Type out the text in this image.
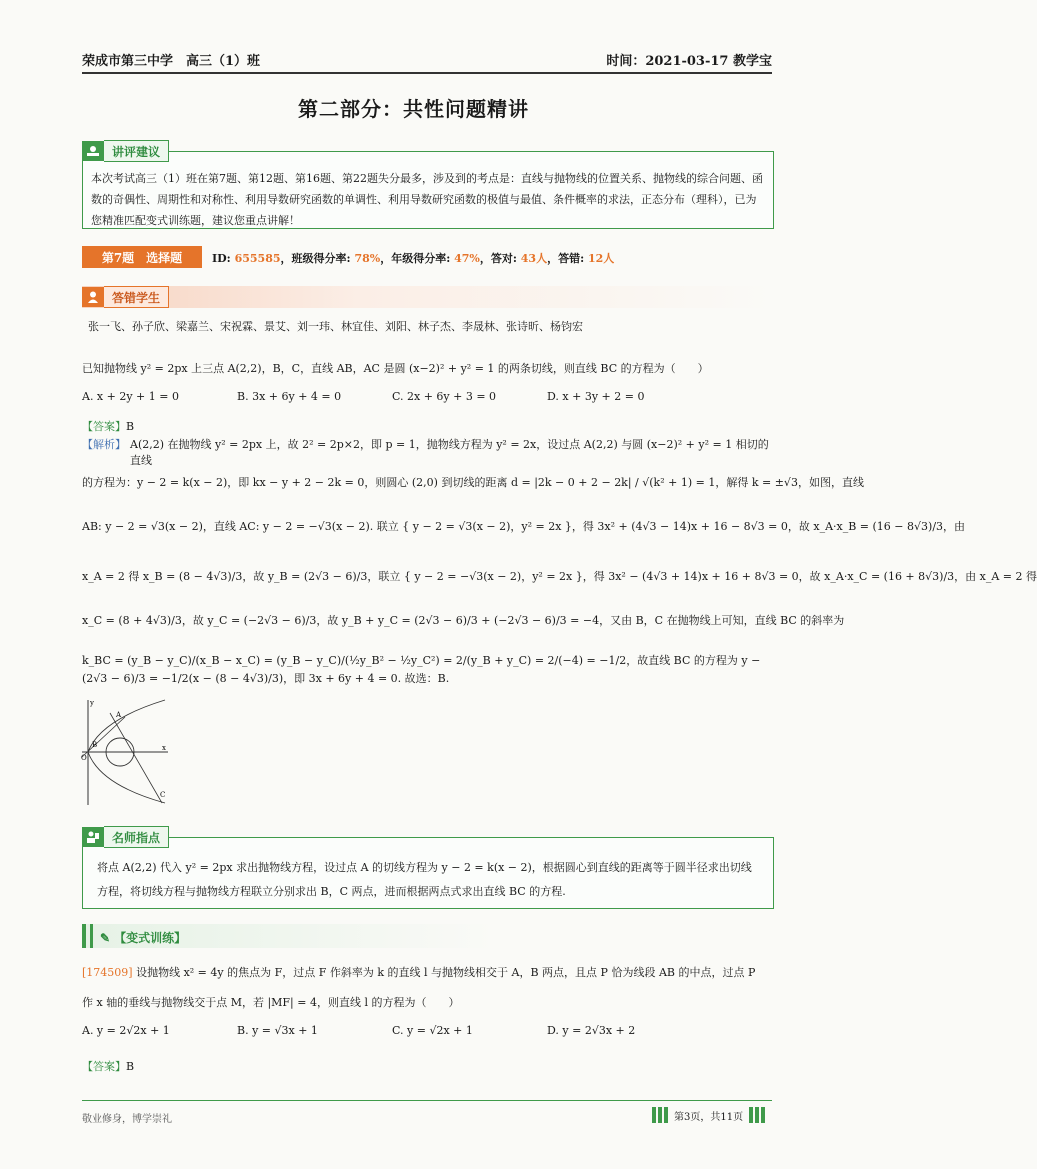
荣成市第三中学　高三（1）班	时间：2021-03-17 教学宝
第二部分：共性问题精讲
本次考试高三（1）班在第7题、第12题、第16题、第22题失分最多，涉及到的考点是：直线与抛物线的位置关系、抛物线的综合问题、函数的奇偶性、周期性和对称性、利用导数研究函数的单调性、利用导数研究函数的极值与最值、条件概率的求法，正态分布（理科），已为您精准匹配变式训练题，建议您重点讲解！
讲评建议
第7题　选择题	ID: 655585，班级得分率: 78%，年级得分率: 47%，答对: 43人，答错: 12人
答错学生
张一飞、孙子欣、梁嘉兰、宋祝霖、景艾、刘一玮、林宜佳、刘阳、林子杰、李晟林、张诗昕、杨钧宏
已知抛物线 y² = 2px 上三点 A(2,2)，B，C，直线 AB，AC 是圆 (x−2)² + y² = 1 的两条切线，则直线 BC 的方程为（　　）
A. x + 2y + 1 = 0	B. 3x + 6y + 4 = 0	C. 2x + 6y + 3 = 0	D. x + 3y + 2 = 0
【答案】B
【解析】 A(2,2) 在抛物线 y² = 2px 上，故 2² = 2p×2，即 p = 1，抛物线方程为 y² = 2x，设过点 A(2,2) 与圆 (x−2)² + y² = 1 相切的直线
的方程为：y − 2 = k(x − 2)，即 kx − y + 2 − 2k = 0，则圆心 (2,0) 到切线的距离 d = |2k − 0 + 2 − 2k| / √(k² + 1) = 1，解得 k = ±√3，如图，直线
AB: y − 2 = √3(x − 2)，直线 AC: y − 2 = −√3(x − 2). 联立 { y − 2 = √3(x − 2)，y² = 2x }，得 3x² + (4√3 − 14)x + 16 − 8√3 = 0，故 x_A·x_B = (16 − 8√3)/3，由
x_A = 2 得 x_B = (8 − 4√3)/3，故 y_B = (2√3 − 6)/3，联立 { y − 2 = −√3(x − 2)，y² = 2x }，得 3x² − (4√3 + 14)x + 16 + 8√3 = 0，故 x_A·x_C = (16 + 8√3)/3，由 x_A = 2 得
x_C = (8 + 4√3)/3，故 y_C = (−2√3 − 6)/3，故 y_B + y_C = (2√3 − 6)/3 + (−2√3 − 6)/3 = −4，又由 B，C 在抛物线上可知，直线 BC 的斜率为
k_BC = (y_B − y_C)/(x_B − x_C) = (y_B − y_C)/(½y_B² − ½y_C²) = 2/(y_B + y_C) = 2/(−4) = −1/2，故直线 BC 的方程为 y − (2√3 − 6)/3 = −1/2(x − (8 − 4√3)/3)，即 3x + 6y + 4 = 0. 故选：B.
y
A
O
x
B
C
将点 A(2,2) 代入 y² = 2px 求出抛物线方程，设过点 A 的切线方程为 y − 2 = k(x − 2)，根据圆心到直线的距离等于圆半径求出切线
方程，将切线方程与抛物线方程联立分别求出 B，C 两点，进而根据两点式求出直线 BC 的方程.
名师指点
✎ 【变式训练】
[174509] 设抛物线 x² = 4y 的焦点为 F，过点 F 作斜率为 k 的直线 l 与抛物线相交于 A，B 两点，且点 P 恰为线段 AB 的中点，过点 P
作 x 轴的垂线与抛物线交于点 M，若 |MF| = 4，则直线 l 的方程为（　　）
A. y = 2√2x + 1	B. y = √3x + 1	C. y = √2x + 1	D. y = 2√3x + 2
【答案】B
敬业修身，博学崇礼	第3页，共11页
